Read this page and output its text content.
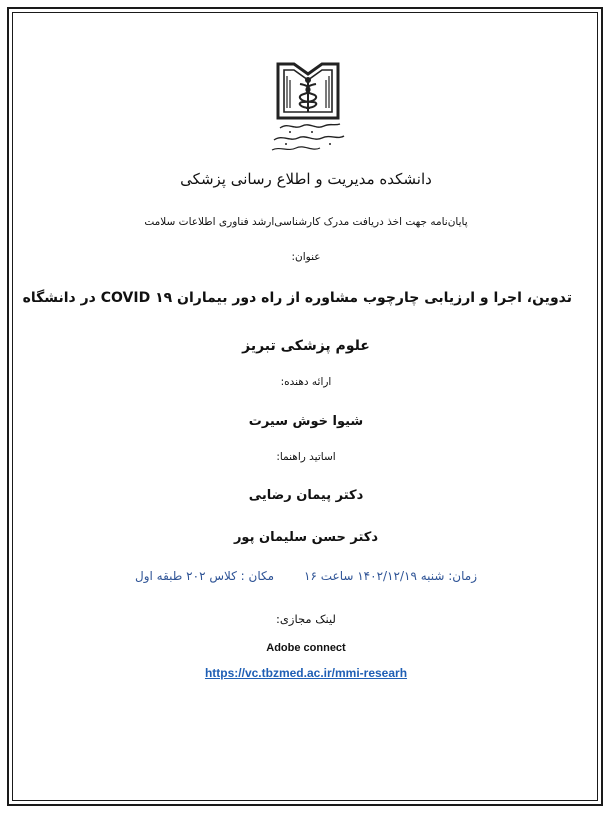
دانشکده مدیریت و اطلاع رسانی پزشکی
پایان‌نامه جهت اخذ دریافت مدرک کارشناسی‌ارشد فناوری اطلاعات سلامت
عنوان:
تدوین، اجرا و ارزیابی چارچوب مشاوره از راه دور بیماران ۱۹ COVID در دانشگاه
علوم پزشکی تبریز
ارائه دهنده:
شیوا خوش سیرت
اساتید راهنما:
دکتر پیمان رضایی
دکتر حسن سلیمان پور
زمان: شنبه ۱۴۰۲/۱۲/۱۹ ساعت ۱۶مکان : کلاس ۲۰۲ طبقه اول
لینک مجازی:
Adobe connect
https://vc.tbzmed.ac.ir/mmi-researh
